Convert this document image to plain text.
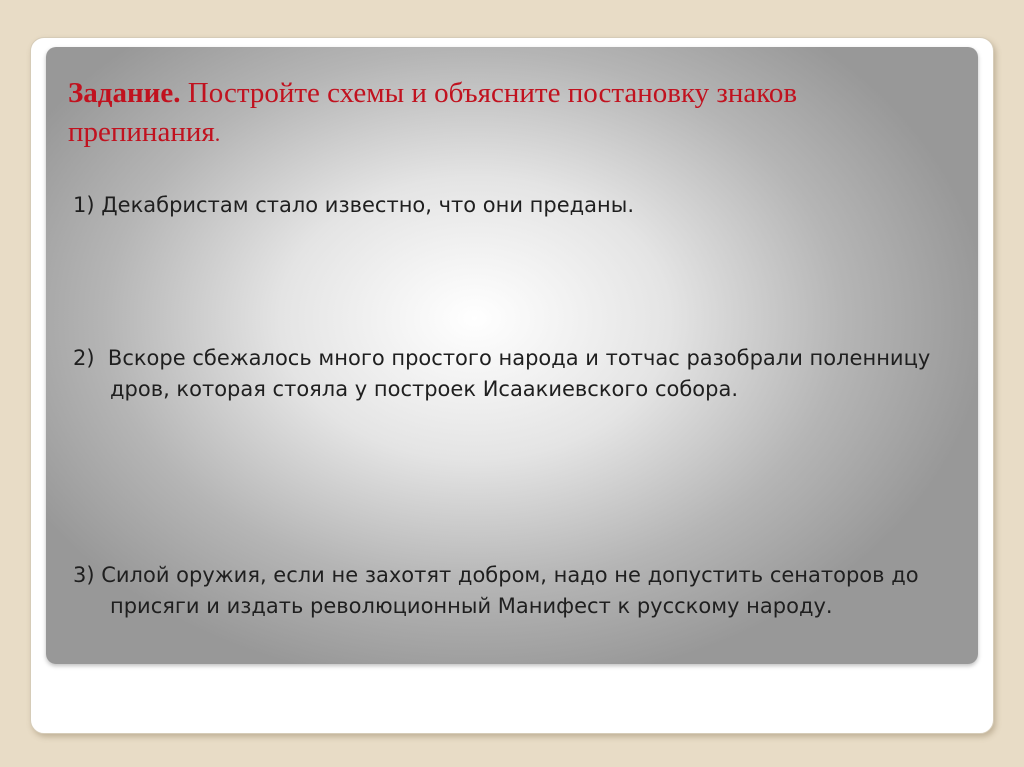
Задание. Постройте схемы и объясните постановку знаков препинания.

1) Декабристам стало известно, что они преданы.

2)  Вскоре сбежалось много простого народа и тотчас разобрали поленницу дров, которая стояла у построек Исаакиевского собора.

3) Силой оружия, если не захотят добром, надо не допустить сенаторов до присяги и издать революционный Манифест к русскому народу.
